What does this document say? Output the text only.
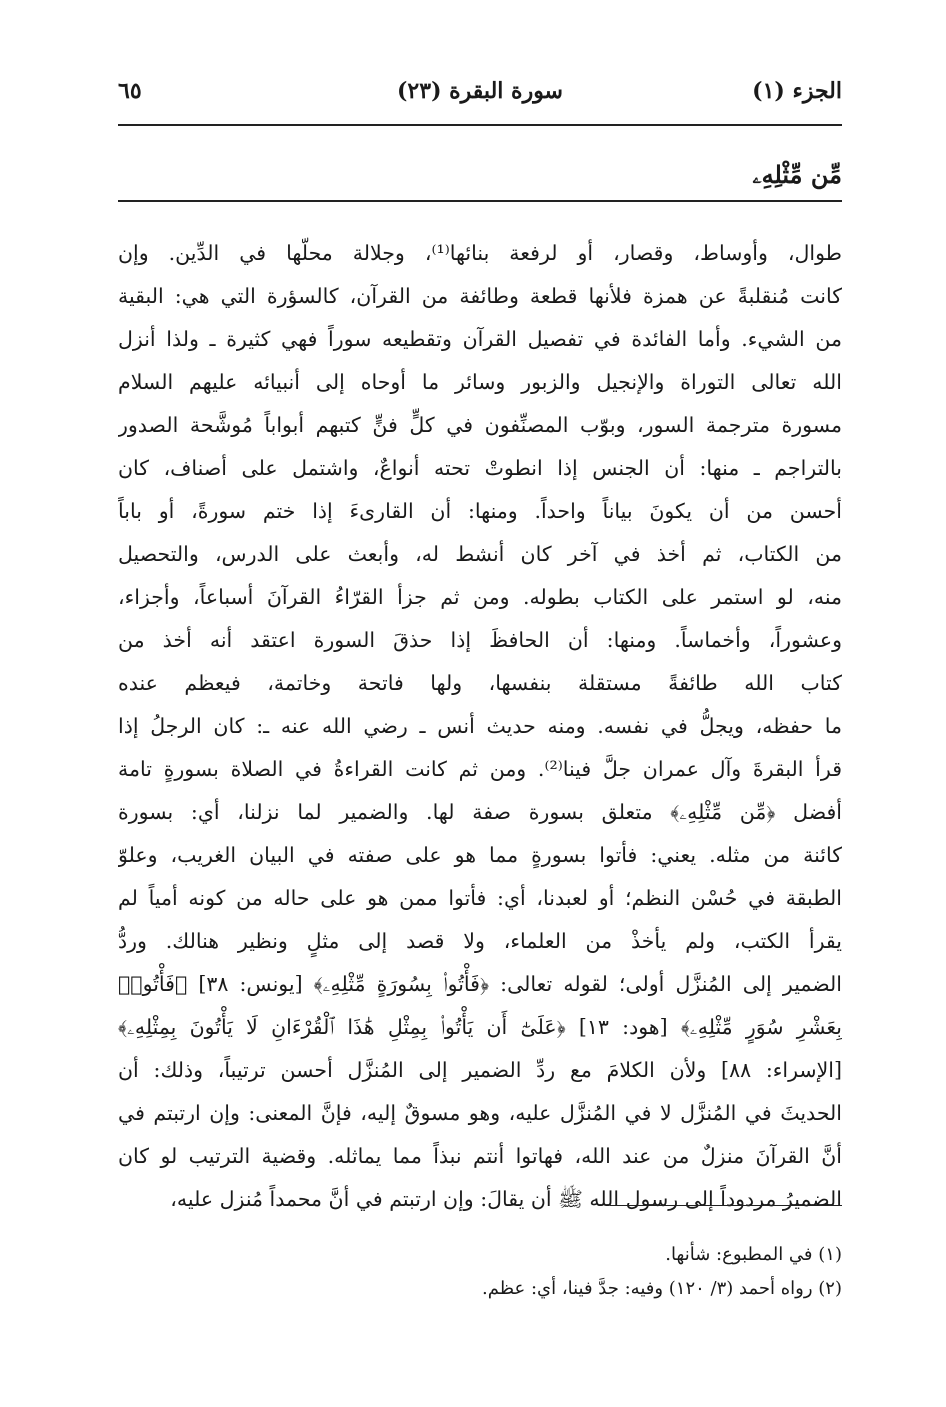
الجزء (١)
سورة البقرة (٢٣)
٦٥
مِّن مِّثْلِهِۦ
طوال، وأوساط، وقصار، أو لرفعة بنائها⁽¹⁾، وجلالة محلّها في الدِّين. وإن
كانت مُنقلبةً عن همزة فلأنها قطعة وطائفة من القرآن، كالسؤرة التي هي: البقية
من الشيء. وأما الفائدة في تفصيل القرآن وتقطيعه سوراً فهي كثيرة ـ ولذا أنزل
الله تعالى التوراة والإنجيل والزبور وسائر ما أوحاه إلى أنبيائه عليهم السلام
مسورة مترجمة السور، وبوّب المصنِّفون في كلٍّ فنٍّ كتبهم أبواباً مُوشَّحة الصدور
بالتراجم ـ منها: أن الجنس إذا انطوتْ تحته أنواعٌ، واشتمل على أصناف، كان
أحسن من أن يكونَ بياناً واحداً. ومنها: أن القارىءَ إذا ختم سورةً، أو باباً
من الكتاب، ثم أخذ في آخر كان أنشط له، وأبعث على الدرس، والتحصيل
منه، لو استمر على الكتاب بطوله. ومن ثم جزأ القرّاءُ القرآنَ أسباعاً، وأجزاء،
وعشوراً، وأخماساً. ومنها: أن الحافظَ إذا حذقَ السورة اعتقد أنه أخذ من
كتاب الله طائفةً مستقلة بنفسها، ولها فاتحة وخاتمة، فيعظم عنده
ما حفظه، ويجلُّ في نفسه. ومنه حديث أنس ـ رضي الله عنه ـ: كان الرجلُ إذا
قرأ البقرةَ وآل عمران جلَّ فينا⁽²⁾. ومن ثم كانت القراءةُ في الصلاة بسورةٍ تامة
أفضل ﴿مِّن مِّثْلِهِۦ﴾ متعلق بسورة صفة لها. والضمير لما نزلنا، أي: بسورة
كائنة من مثله. يعني: فأتوا بسورةٍ مما هو على صفته في البيان الغريب، وعلوّ
الطبقة في حُسْن النظم؛ أو لعبدنا، أي: فأتوا ممن هو على حاله من كونه أمياً لم
يقرأ الكتب، ولم يأخذْ من العلماء، ولا قصد إلى مثلٍ ونظير هنالك. وردُّ
الضمير إلى المُنزَّل أولى؛ لقوله تعالى: ﴿فَأْتُوا۟ بِسُورَةٍ مِّثْلِهِۦ﴾ [يونس: ٣٨] ﴿فَأْتُوا۟
بِعَشْرِ سُوَرٍ مِّثْلِهِۦ﴾ [هود: ١٣] ﴿عَلَىٰٓ أَن يَأْتُوا۟ بِمِثْلِ هَٰذَا ٱلْقُرْءَانِ لَا يَأْتُونَ بِمِثْلِهِۦ﴾
[الإسراء: ٨٨] ولأن الكلامَ مع ردِّ الضمير إلى المُنزَّل أحسن ترتيباً، وذلك: أن
الحديثَ في المُنزَّل لا في المُنزَّل عليه، وهو مسوقٌ إليه، فإنَّ المعنى: وإن ارتبتم في
أنَّ القرآنَ منزلٌ من عند الله، فهاتوا أنتم نبذاً مما يماثله. وقضية الترتيب لو كان
الضميرُ مردوداً إلى رسول الله ﷺ أن يقالَ: وإن ارتبتم في أنَّ محمداً مُنزل عليه،
(١) في المطبوع: شأنها.
(٢) رواه أحمد (٣/ ١٢٠) وفيه: جدَّ فينا، أي: عظم.
